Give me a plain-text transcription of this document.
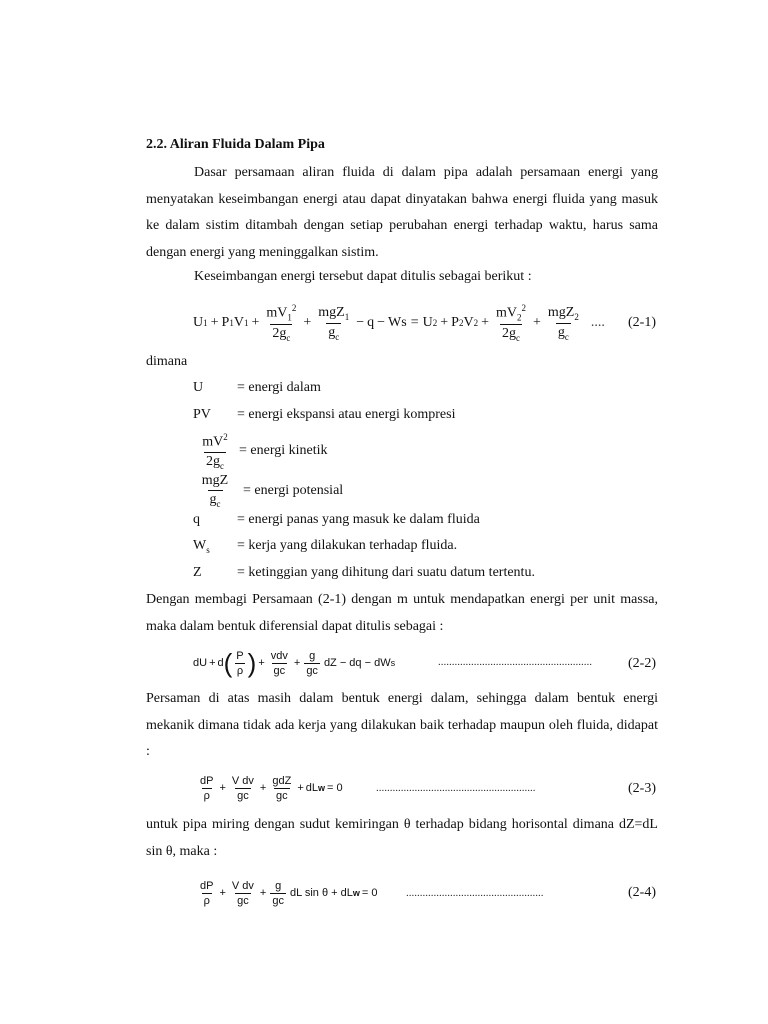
2.2. Aliran Fluida Dalam Pipa
Dasar persamaan aliran fluida di dalam pipa adalah persamaan energi yang menyatakan keseimbangan energi atau dapat dinyatakan bahwa energi fluida yang masuk ke dalam sistim ditambah dengan setiap perubahan energi terhadap waktu, harus sama dengan energi yang meninggalkan sistim.
Keseimbangan energi tersebut dapat ditulis sebagai berikut :
U 1 + P 1 V $1 + \frac{mV_1^2}{2g_c} + \frac{mgZ_1}{g_c} - q - Ws = U$ 2 + P 2 V $2 + \frac{mV_2^2}{2g_c} + \frac{mgZ_2}{g_c}$ .... (2-1)
dimana
U = energi dalam
PV = energi ekspansi atau energi kompresi
$\frac{mV^2}{2g_c}$ = energi kinetik
$\frac{\text{mgZ}}{g_c}$ = energi potensial
q	= energi panas yang masuk ke dalam fluida
$W_s$ = kerja yang dilakukan terhadap fluida.
Z	= ketinggian yang dihitung dari suatu datum tertentu.
Dengan membagi Persamaan (2-1) dengan m untuk mendapatkan energi per unit massa, maka dalam bentuk diferensial dapat ditulis sebagai :
dU + d ( $\frac{P}{\rho}$ ) + $\frac{\text{vdv}}{gc} + \frac{g}{gc}$ dZ − dq − dW s	........................................................	(2-2)
Persaman di atas masih dalam bentuk energi dalam, sehingga dalam bentuk energi mekanik dimana tidak ada kerja yang dilakukan baik terhadap maupun oleh fluida, didapat :
$\frac{dP}{\rho} + \frac{\text{V dv}}{gc} + \frac{\text{gdZ}}{gc}$ + dL w = 0	..........................................................	(2-3)
untuk pipa miring dengan sudut kemiringan θ terhadap bidang horisontal dimana dZ=dL sin θ, maka :
$\frac{dP}{\rho} + \frac{\text{V dv}}{gc} + \frac{g}{gc}$ dL sin θ + dL w = 0	..................................................	(2-4)
